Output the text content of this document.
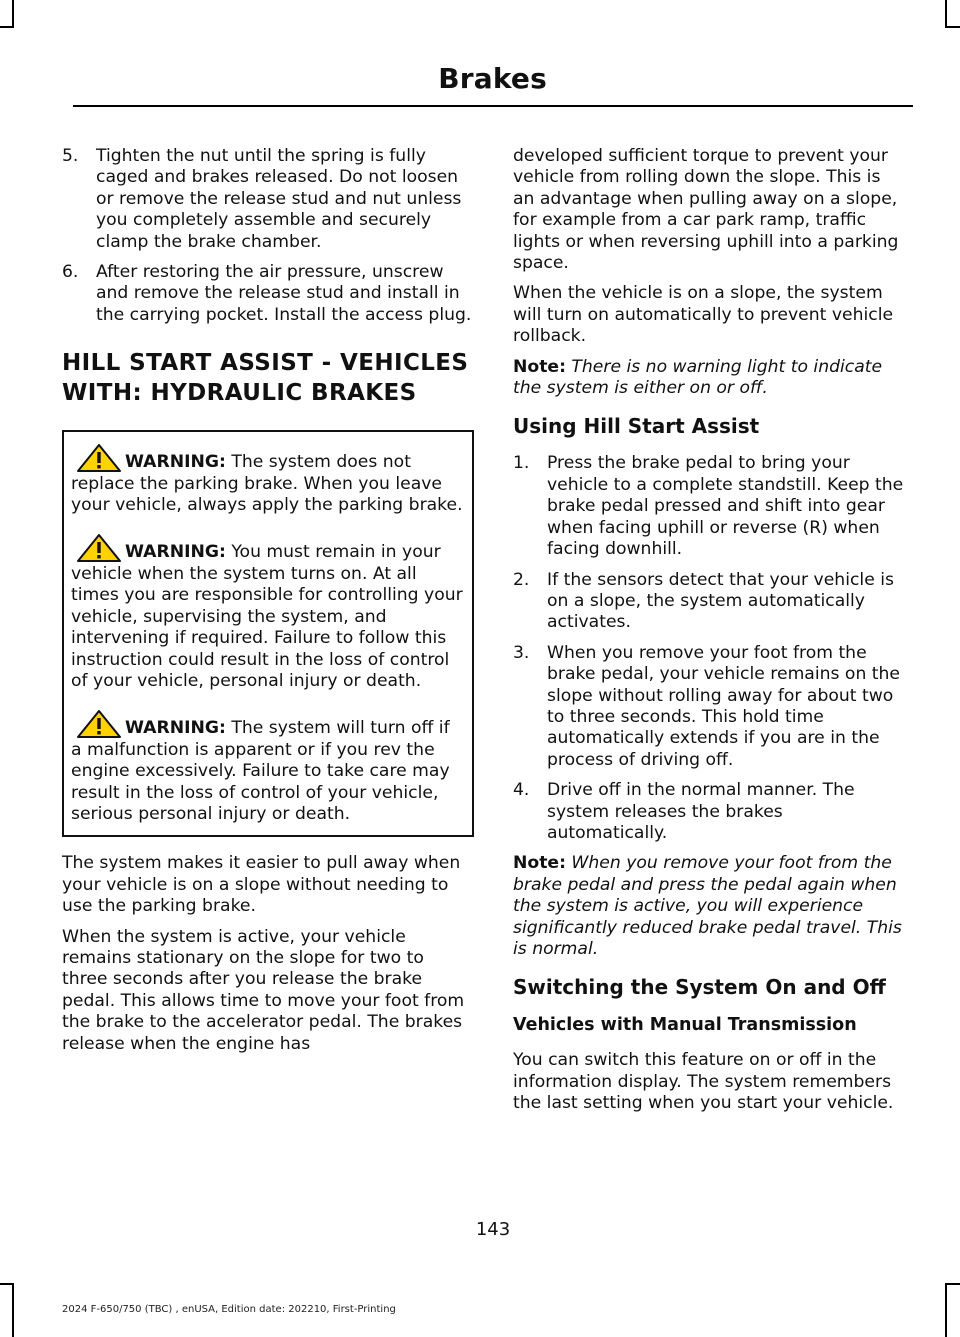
Brakes
5. Tighten the nut until the spring is fully caged and brakes released. Do not loosen or remove the release stud and nut unless you completely assemble and securely clamp the brake chamber.
6. After restoring the air pressure, unscrew and remove the release stud and install in the carrying pocket. Install the access plug.
HILL START ASSIST - VEHICLES WITH: HYDRAULIC BRAKES
WARNING: The system does not replace the parking brake. When you leave your vehicle, always apply the parking brake.
WARNING: You must remain in your vehicle when the system turns on. At all times you are responsible for controlling your vehicle, supervising the system, and intervening if required. Failure to follow this instruction could result in the loss of control of your vehicle, personal injury or death.
WARNING: The system will turn off if a malfunction is apparent or if you rev the engine excessively. Failure to take care may result in the loss of control of your vehicle, serious personal injury or death.

The system makes it easier to pull away when your vehicle is on a slope without needing to use the parking brake.

When the system is active, your vehicle remains stationary on the slope for two to three seconds after you release the brake pedal. This allows time to move your foot from the brake to the accelerator pedal. The brakes release when the engine has

developed sufficient torque to prevent your vehicle from rolling down the slope. This is an advantage when pulling away on a slope, for example from a car park ramp, traffic lights or when reversing uphill into a parking space.

When the vehicle is on a slope, the system will turn on automatically to prevent vehicle rollback.

Note: There is no warning light to indicate the system is either on or off.

Using Hill Start Assist
1. Press the brake pedal to bring your vehicle to a complete standstill. Keep the brake pedal pressed and shift into gear when facing uphill or reverse (R) when facing downhill.
2. If the sensors detect that your vehicle is on a slope, the system automatically activates.
3. When you remove your foot from the brake pedal, your vehicle remains on the slope without rolling away for about two to three seconds. This hold time automatically extends if you are in the process of driving off.
4. Drive off in the normal manner. The system releases the brakes automatically.

Note: When you remove your foot from the brake pedal and press the pedal again when the system is active, you will experience significantly reduced brake pedal travel. This is normal.

Switching the System On and Off
Vehicles with Manual Transmission

You can switch this feature on or off in the information display. The system remembers the last setting when you start your vehicle.

143
2024 F-650/750 (TBC) , enUSA, Edition date: 202210, First-Printing
